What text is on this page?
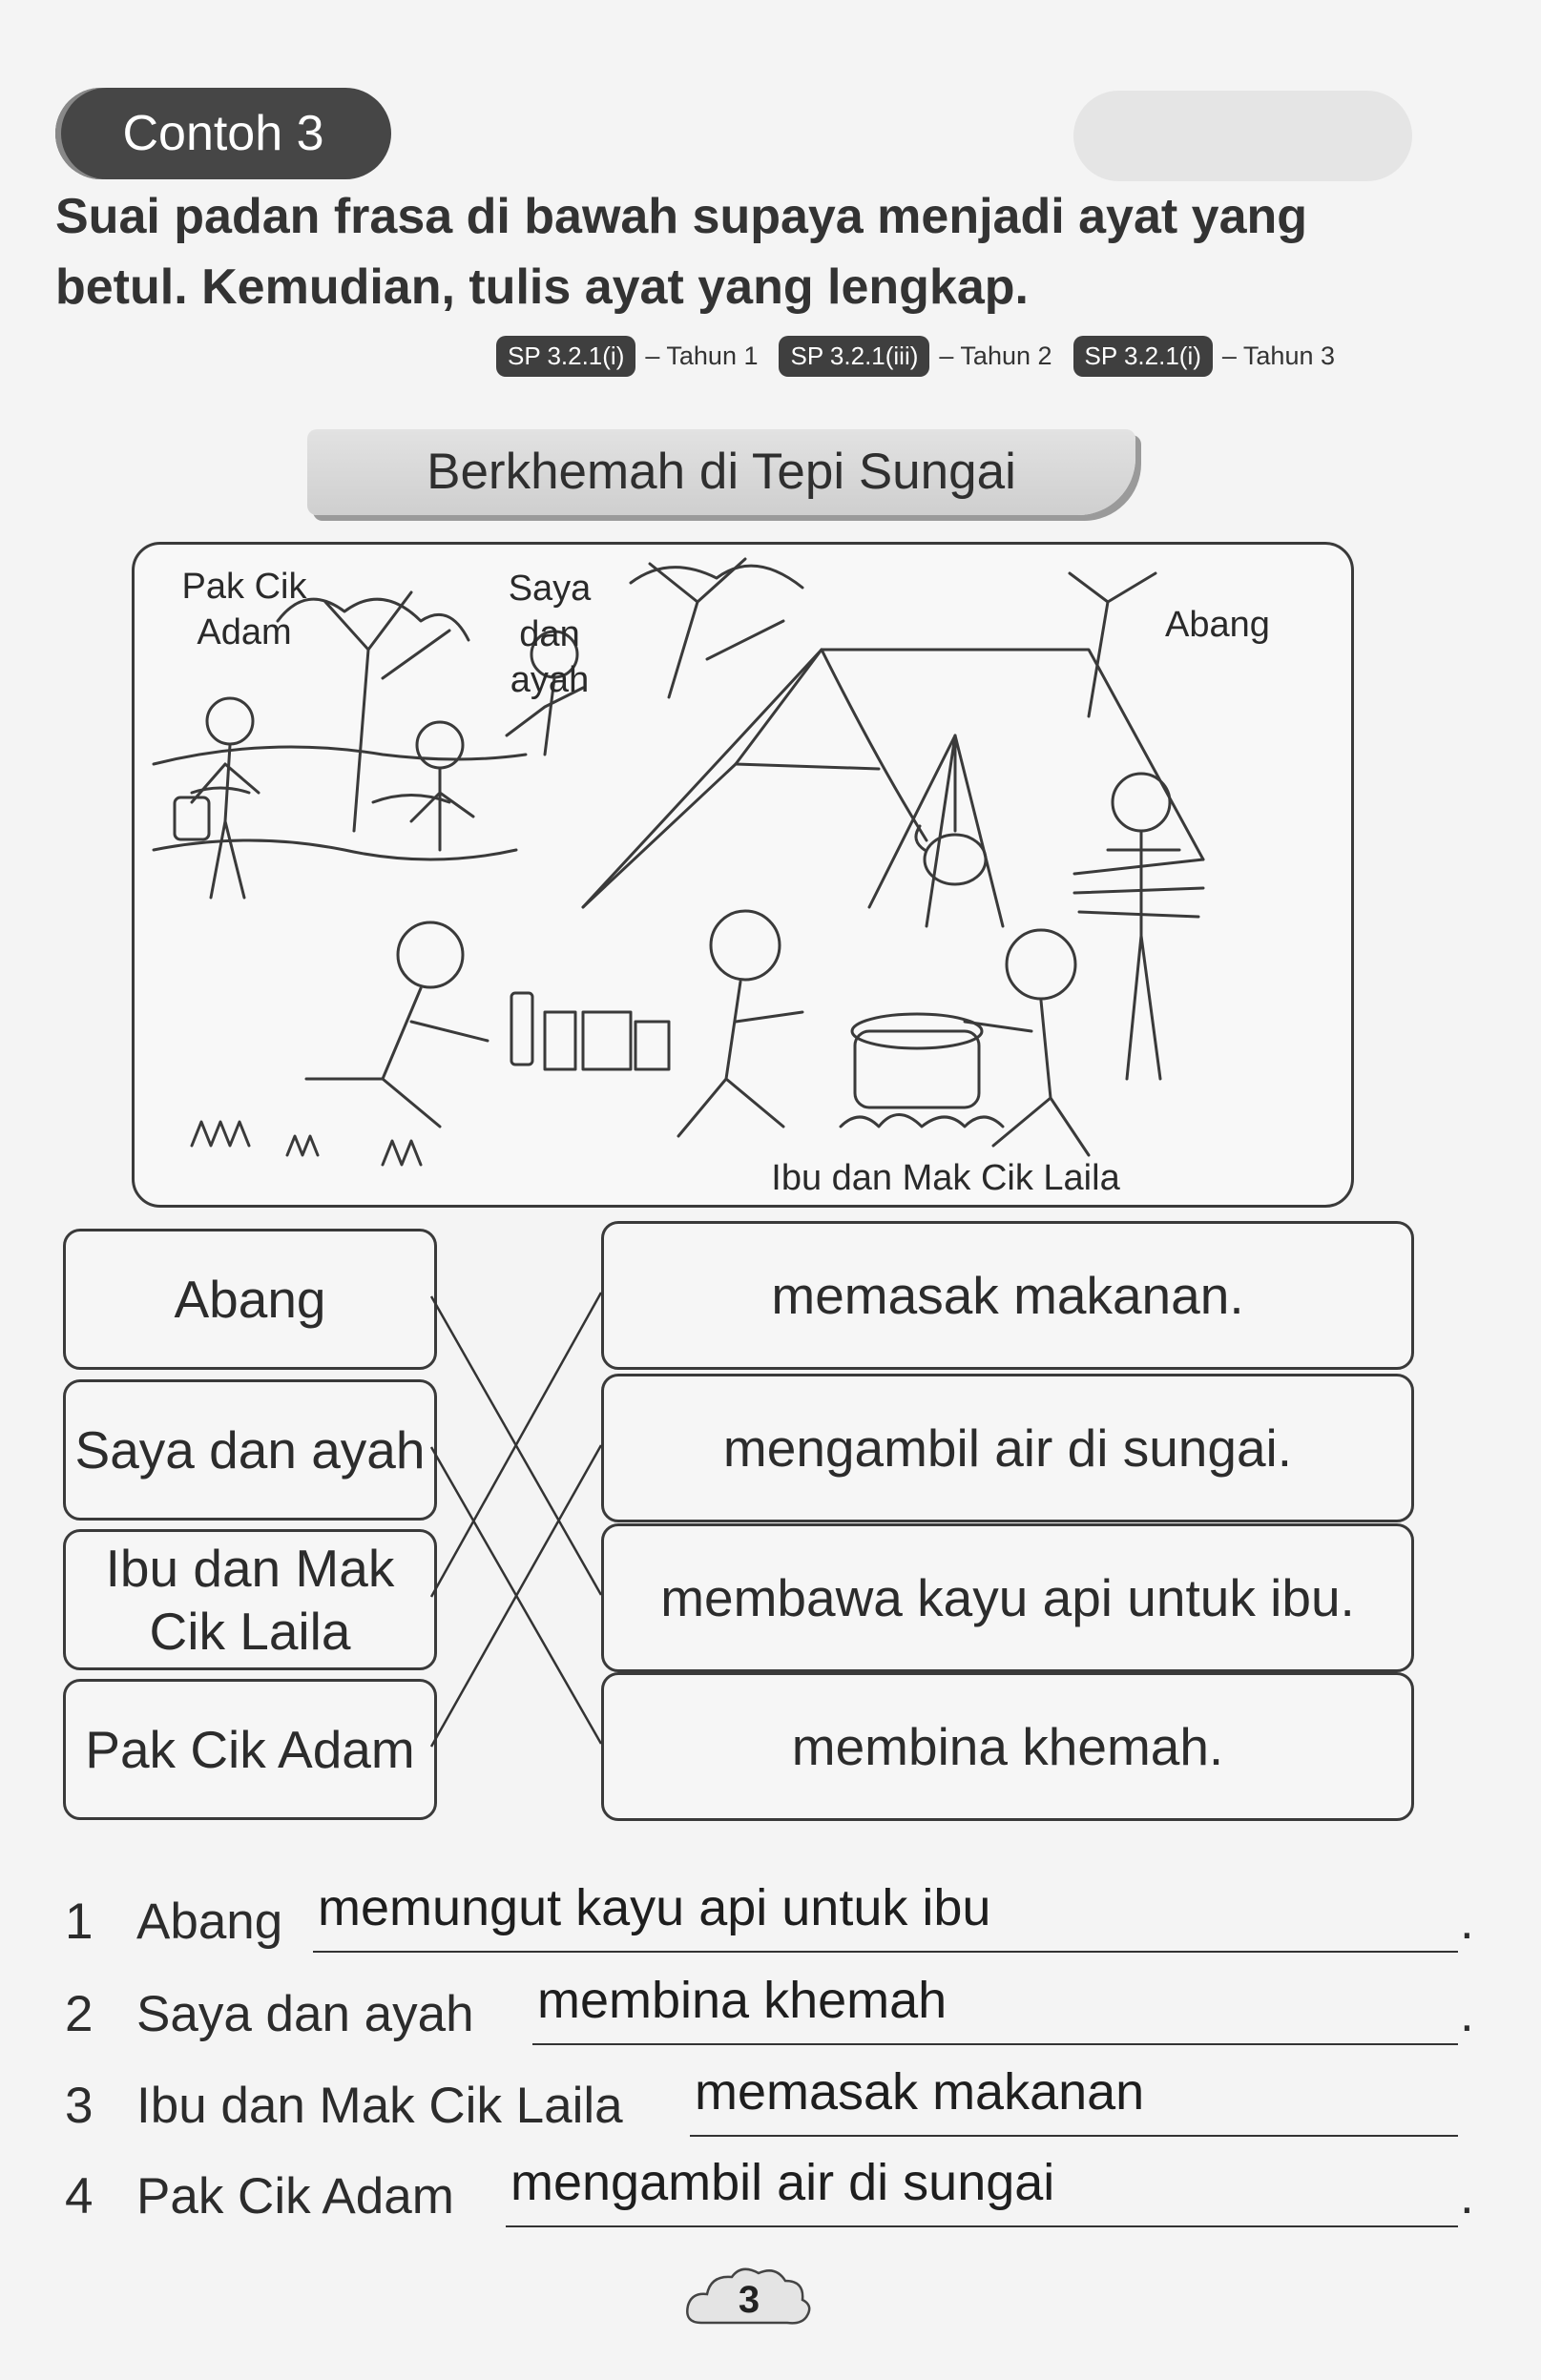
Contoh 3
Suai padan frasa di bawah supaya menjadi ayat yang betul. Kemudian, tulis ayat yang lengkap.
SP 3.2.1(i) – Tahun 1	SP 3.2.1(iii) – Tahun 2	SP 3.2.1(i) – Tahun 3
Berkhemah di Tepi Sungai
Pak Cik Adam
Saya dan ayah
Abang
Ibu dan Mak Cik Laila
Abang
Saya dan ayah
Ibu dan Mak Cik Laila
Pak Cik Adam
memasak makanan.
mengambil air di sungai.
membawa kayu api untuk ibu.
membina khemah.
1 Abang memungut kayu api untuk ibu	.
2 Saya dan ayah membina khemah	.
3 Ibu dan Mak Cik Laila memasak makanan
4 Pak Cik Adam mengambil air di sungai	.
3
